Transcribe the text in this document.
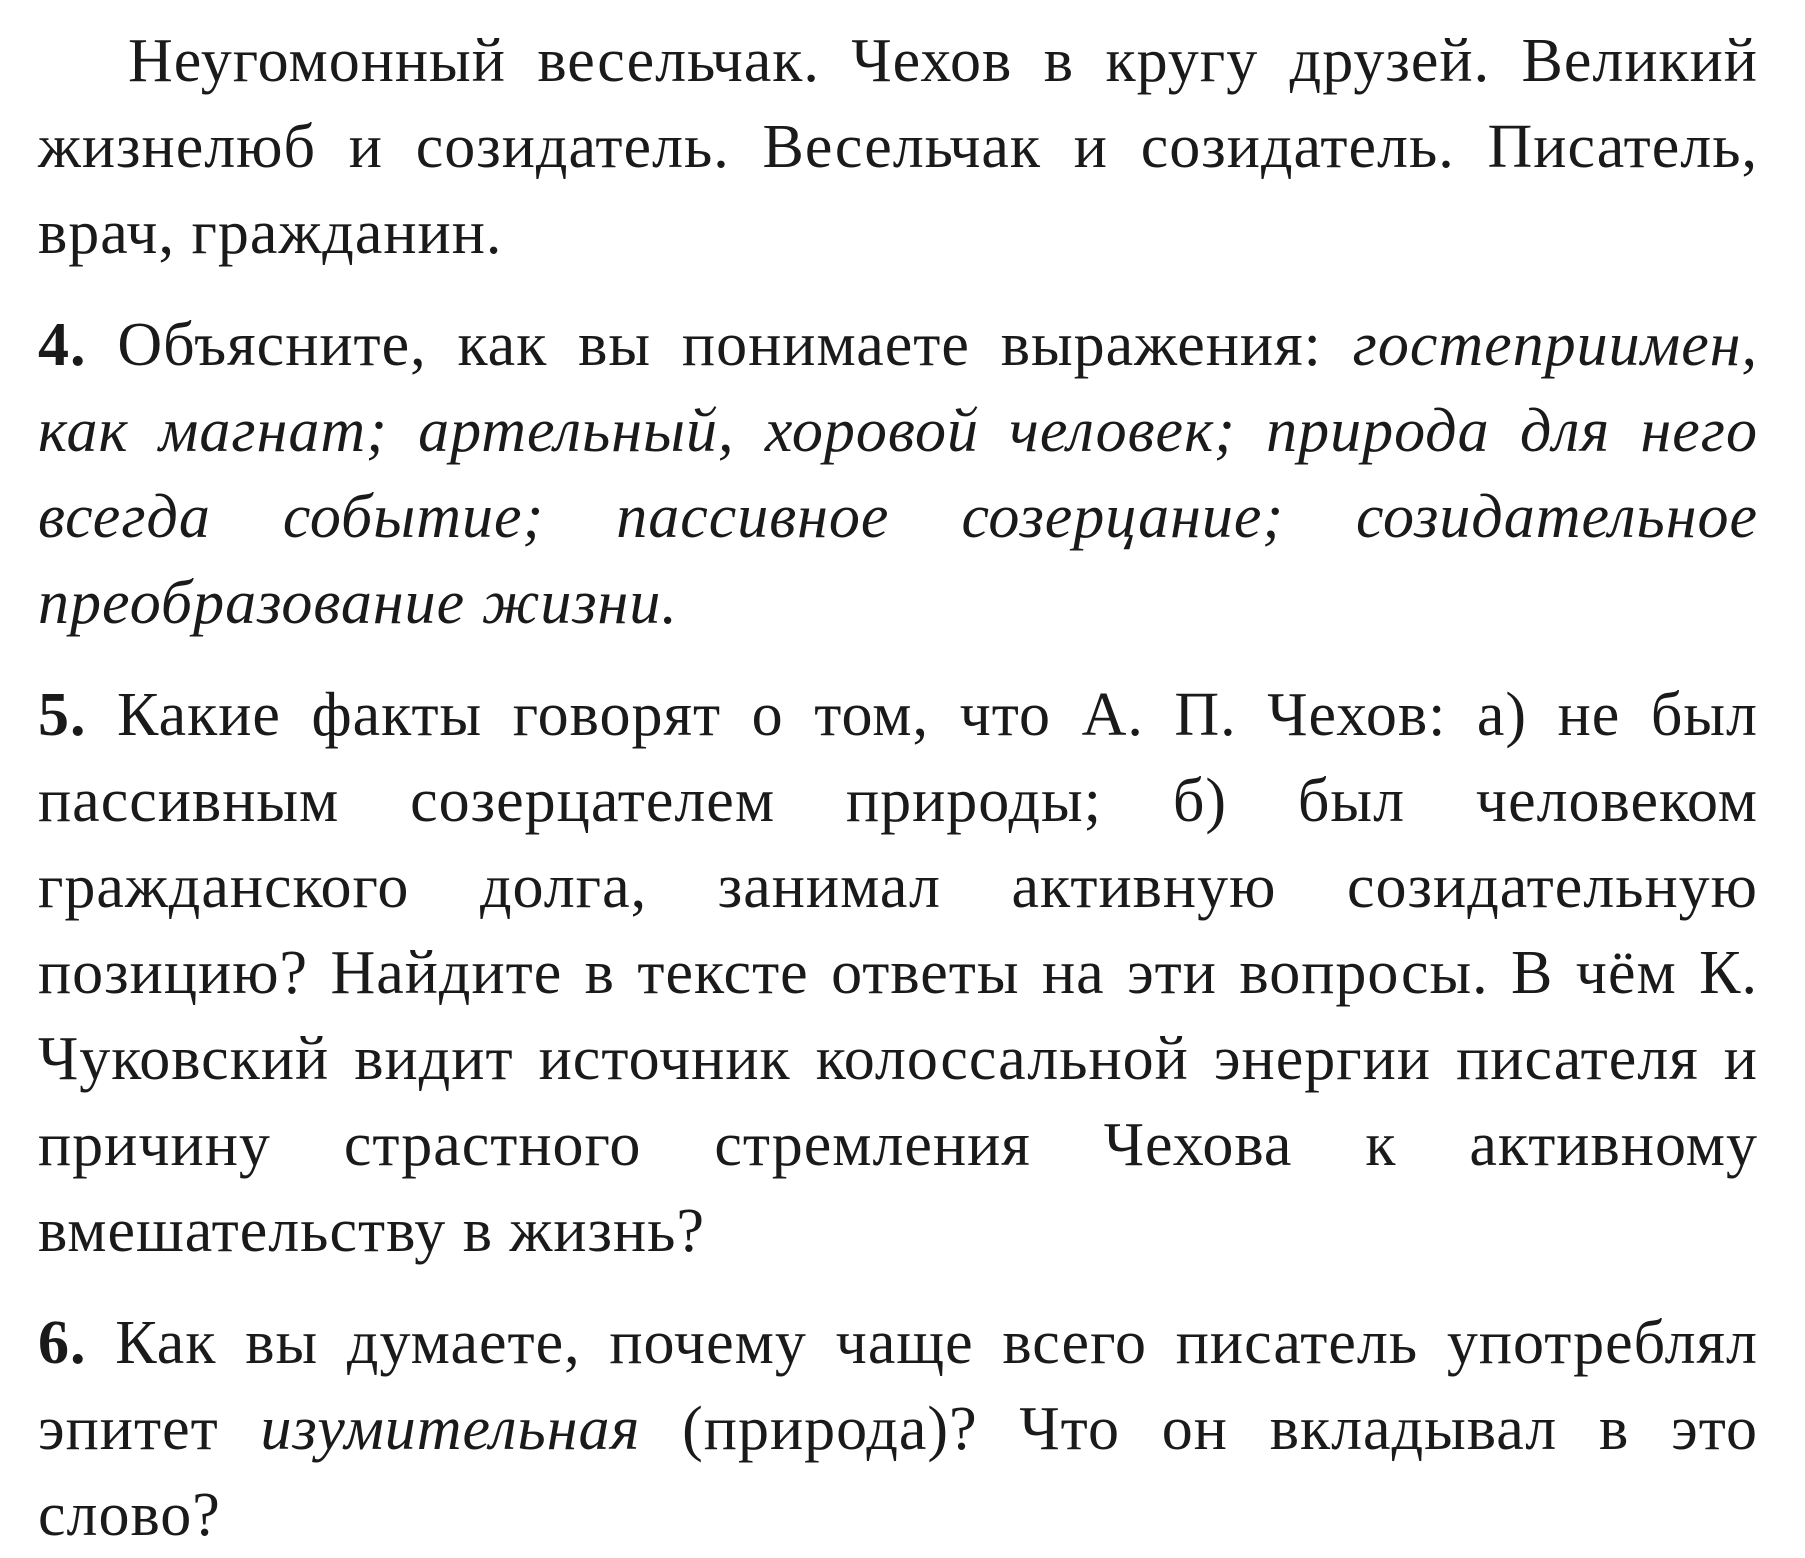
Неугомонный весельчак. Чехов в кругу друзей. Великий жизнелюб и созидатель. Весельчак и созидатель. Писатель, врач, гражданин.

4. Объясните, как вы понимаете выражения: гостеприимен, как магнат; артельный, хоровой человек; природа для него всегда событие; пассивное созерцание; созидательное преобразование жизни.

5. Какие факты говорят о том, что А. П. Чехов: а) не был пассивным созерцателем природы; б) был человеком гражданского долга, занимал активную созидательную позицию? Найдите в тексте ответы на эти вопросы. В чём К. Чуковский видит источник колоссальной энергии писателя и причину страстного стремления Чехова к активному вмешательству в жизнь?

6. Как вы думаете, почему чаще всего писатель употреблял эпитет изумительная (природа)? Что он вкладывал в это слово?
